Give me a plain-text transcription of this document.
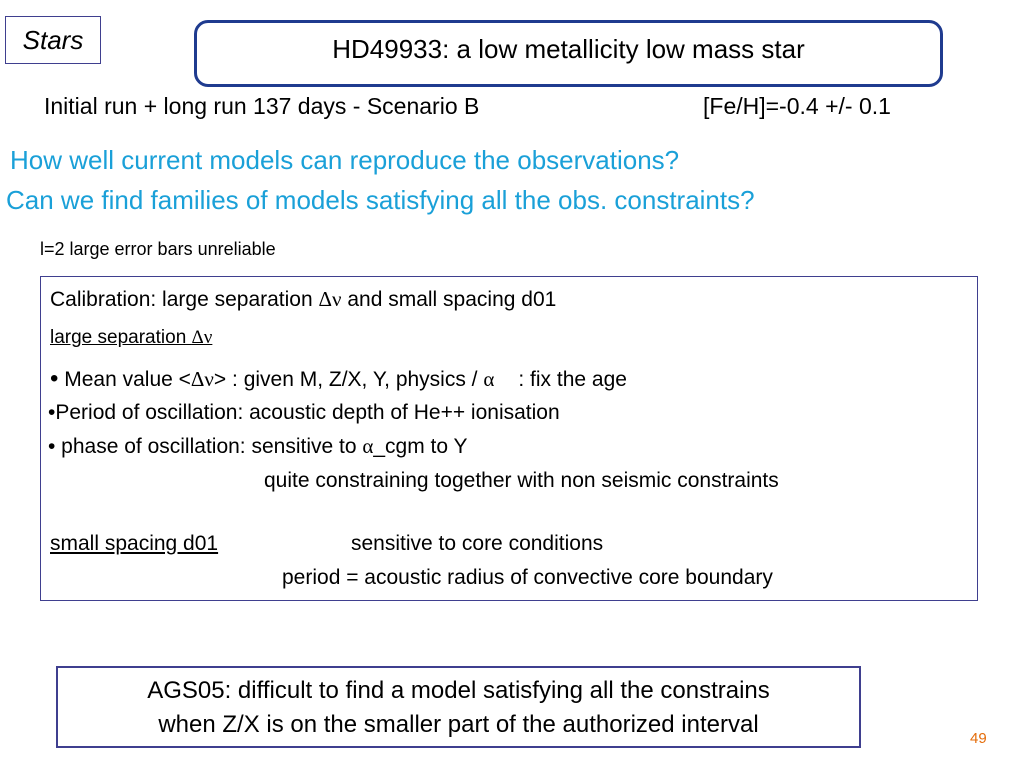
Stars	HD49933: a low metallicity low mass star
Initial run + long run 137 days - Scenario B	[Fe/H]=-0.4 +/- 0.1
How well current models can reproduce the observations?
Can we find families of models satisfying all the obs. constraints?
l=2 large error bars unreliable
Calibration: large separation Δν and small spacing d01
large separation Δν
• Mean value <Δν> : given M, Z/X, Y, physics / α : fix the age
•Period of oscillation: acoustic depth of He++ ionisation
• phase of oscillation: sensitive to α_cgm to Y
quite constraining together with non seismic constraints
small spacing d01	sensitive to core conditions
period = acoustic radius of convective core boundary
AGS05: difficult to find a model satisfying all the constrains
when Z/X is on the smaller part of the authorized interval
49
